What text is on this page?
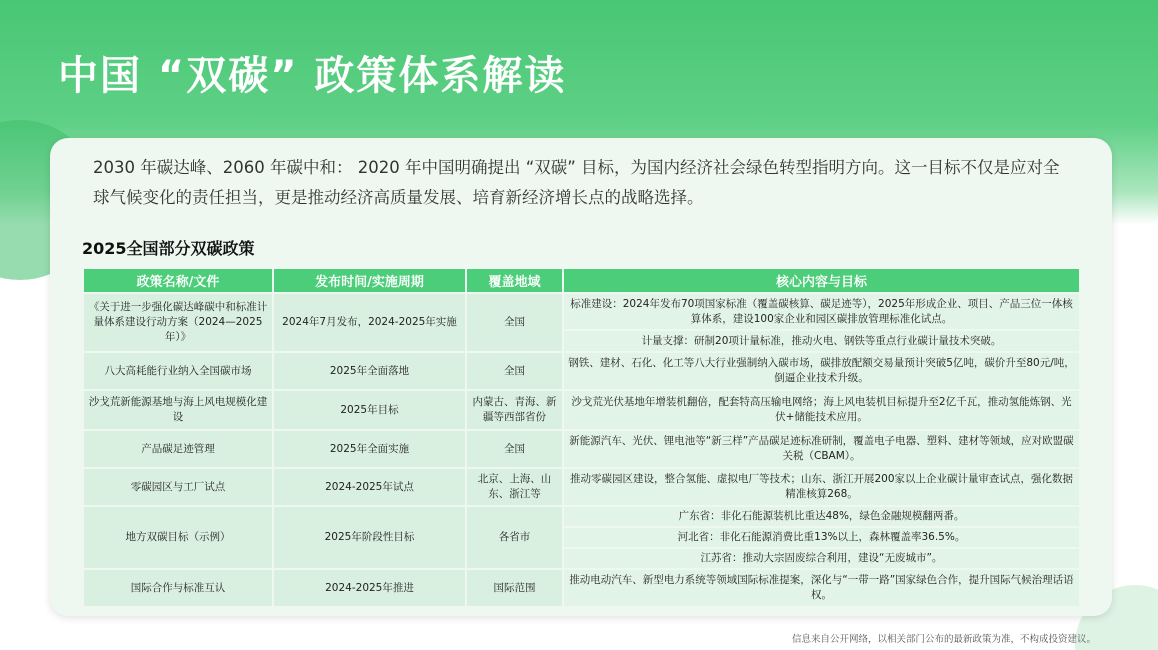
中国 “双碳” 政策体系解读

2030 年碳达峰、2060 年碳中和： 2020 年中国明确提出 “双碳” 目标，为国内经济社会绿色转型指明方向。这一目标不仅是应对全球气候变化的责任担当，更是推动经济高质量发展、培育新经济增长点的战略选择。

2025全国部分双碳政策
政策名称/文件	发布时间/实施周期	覆盖地域	核心内容与目标
《关于进一步强化碳达峰碳中和标准计量体系建设行动方案（2024—2025年）》	2024年7月发布，2024-2025年实施	全国	标准建设：2024年发布70项国家标准（覆盖碳核算、碳足迹等），2025年形成企业、项目、产品三位一体核算体系，建设100家企业和园区碳排放管理标准化试点。
			计量支撑：研制20项计量标准，推动火电、钢铁等重点行业碳计量技术突破。
八大高耗能行业纳入全国碳市场	2025年全面落地	全国	钢铁、建材、石化、化工等八大行业强制纳入碳市场，碳排放配额交易量预计突破5亿吨，碳价升至80元/吨，倒逼企业技术升级。
沙戈荒新能源基地与海上风电规模化建设	2025年目标	内蒙古、青海、新疆等西部省份	沙戈荒光伏基地年增装机翻倍，配套特高压输电网络；海上风电装机目标提升至2亿千瓦，推动氢能炼钢、光伏+储能技术应用。
产品碳足迹管理	2025年全面实施	全国	新能源汽车、光伏、锂电池等“新三样”产品碳足迹标准研制，覆盖电子电器、塑料、建材等领域，应对欧盟碳关税（CBAM）。
零碳园区与工厂试点	2024-2025年试点	北京、上海、山东、浙江等	推动零碳园区建设，整合氢能、虚拟电厂等技术；山东、浙江开展200家以上企业碳计量审查试点，强化数据精准核算268。
地方双碳目标（示例）	2025年阶段性目标	各省市	广东省：非化石能源装机比重达48%，绿色金融规模翻两番。
			河北省：非化石能源消费比重13%以上，森林覆盖率36.5%。
			江苏省：推动大宗固废综合利用，建设“无废城市”。
国际合作与标准互认	2024-2025年推进	国际范围	推动电动汽车、新型电力系统等领域国际标准提案，深化与“一带一路”国家绿色合作，提升国际气候治理话语权。
信息来自公开网络，以相关部门公布的最新政策为准，不构成投资建议。
